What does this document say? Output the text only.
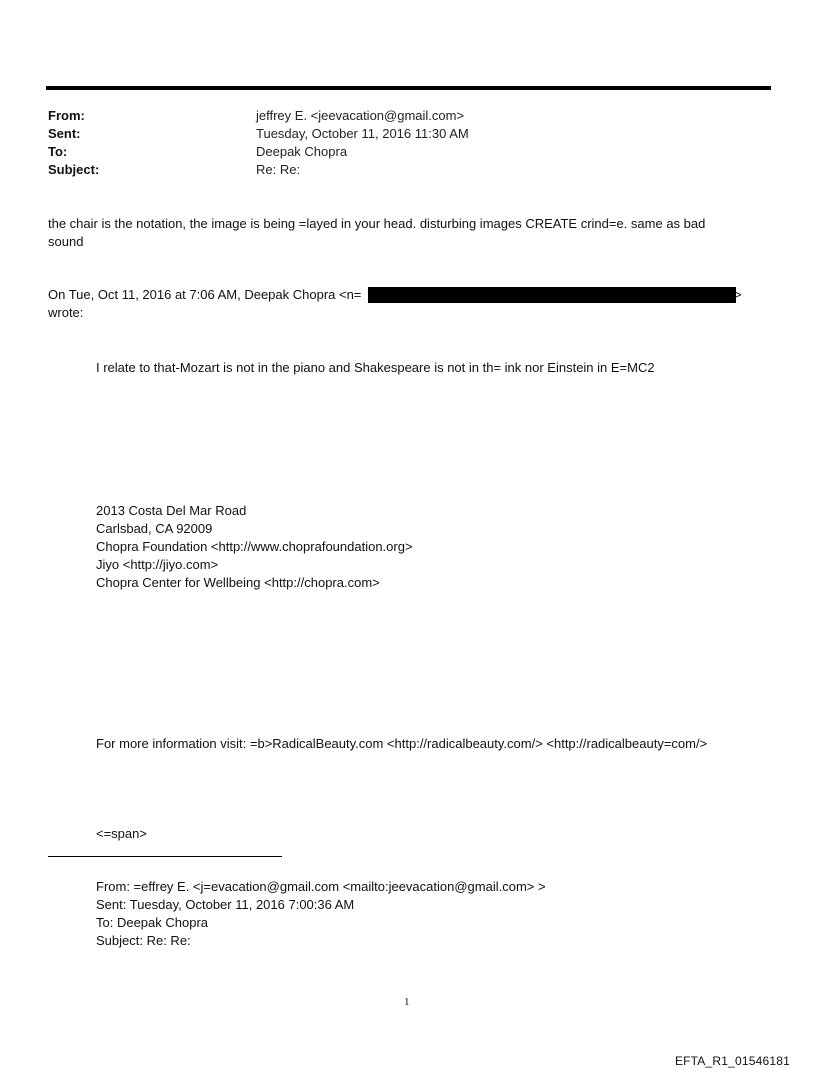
From:	jeffrey E. <jeevacation@gmail.com>
Sent:	Tuesday, October 11, 2016 11:30 AM
To:	Deepak Chopra
Subject:	Re: Re:
the chair is the notation, the image is being =layed in your head. disturbing images CREATE crind=e. same as bad
sound
On Tue, Oct 11, 2016 at 7:06 AM, Deepak Chopra <n=	>
wrote:
I relate to that-Mozart is not in the piano and Shakespeare is not in th= ink nor Einstein in E=MC2
2013 Costa Del Mar Road
Carlsbad, CA 92009
Chopra Foundation <http://www.choprafoundation.org>
Jiyo <http://jiyo.com>
Chopra Center for Wellbeing <http://chopra.com>
For more information visit: =b>RadicalBeauty.com <http://radicalbeauty.com/> <http://radicalbeauty=com/>
<=span>
From: =effrey E. <j=evacation@gmail.com <mailto:jeevacation@gmail.com> >
Sent: Tuesday, October 11, 2016 7:00:36 AM
To: Deepak Chopra
Subject: Re: Re:
1
EFTA_R1_01546181
